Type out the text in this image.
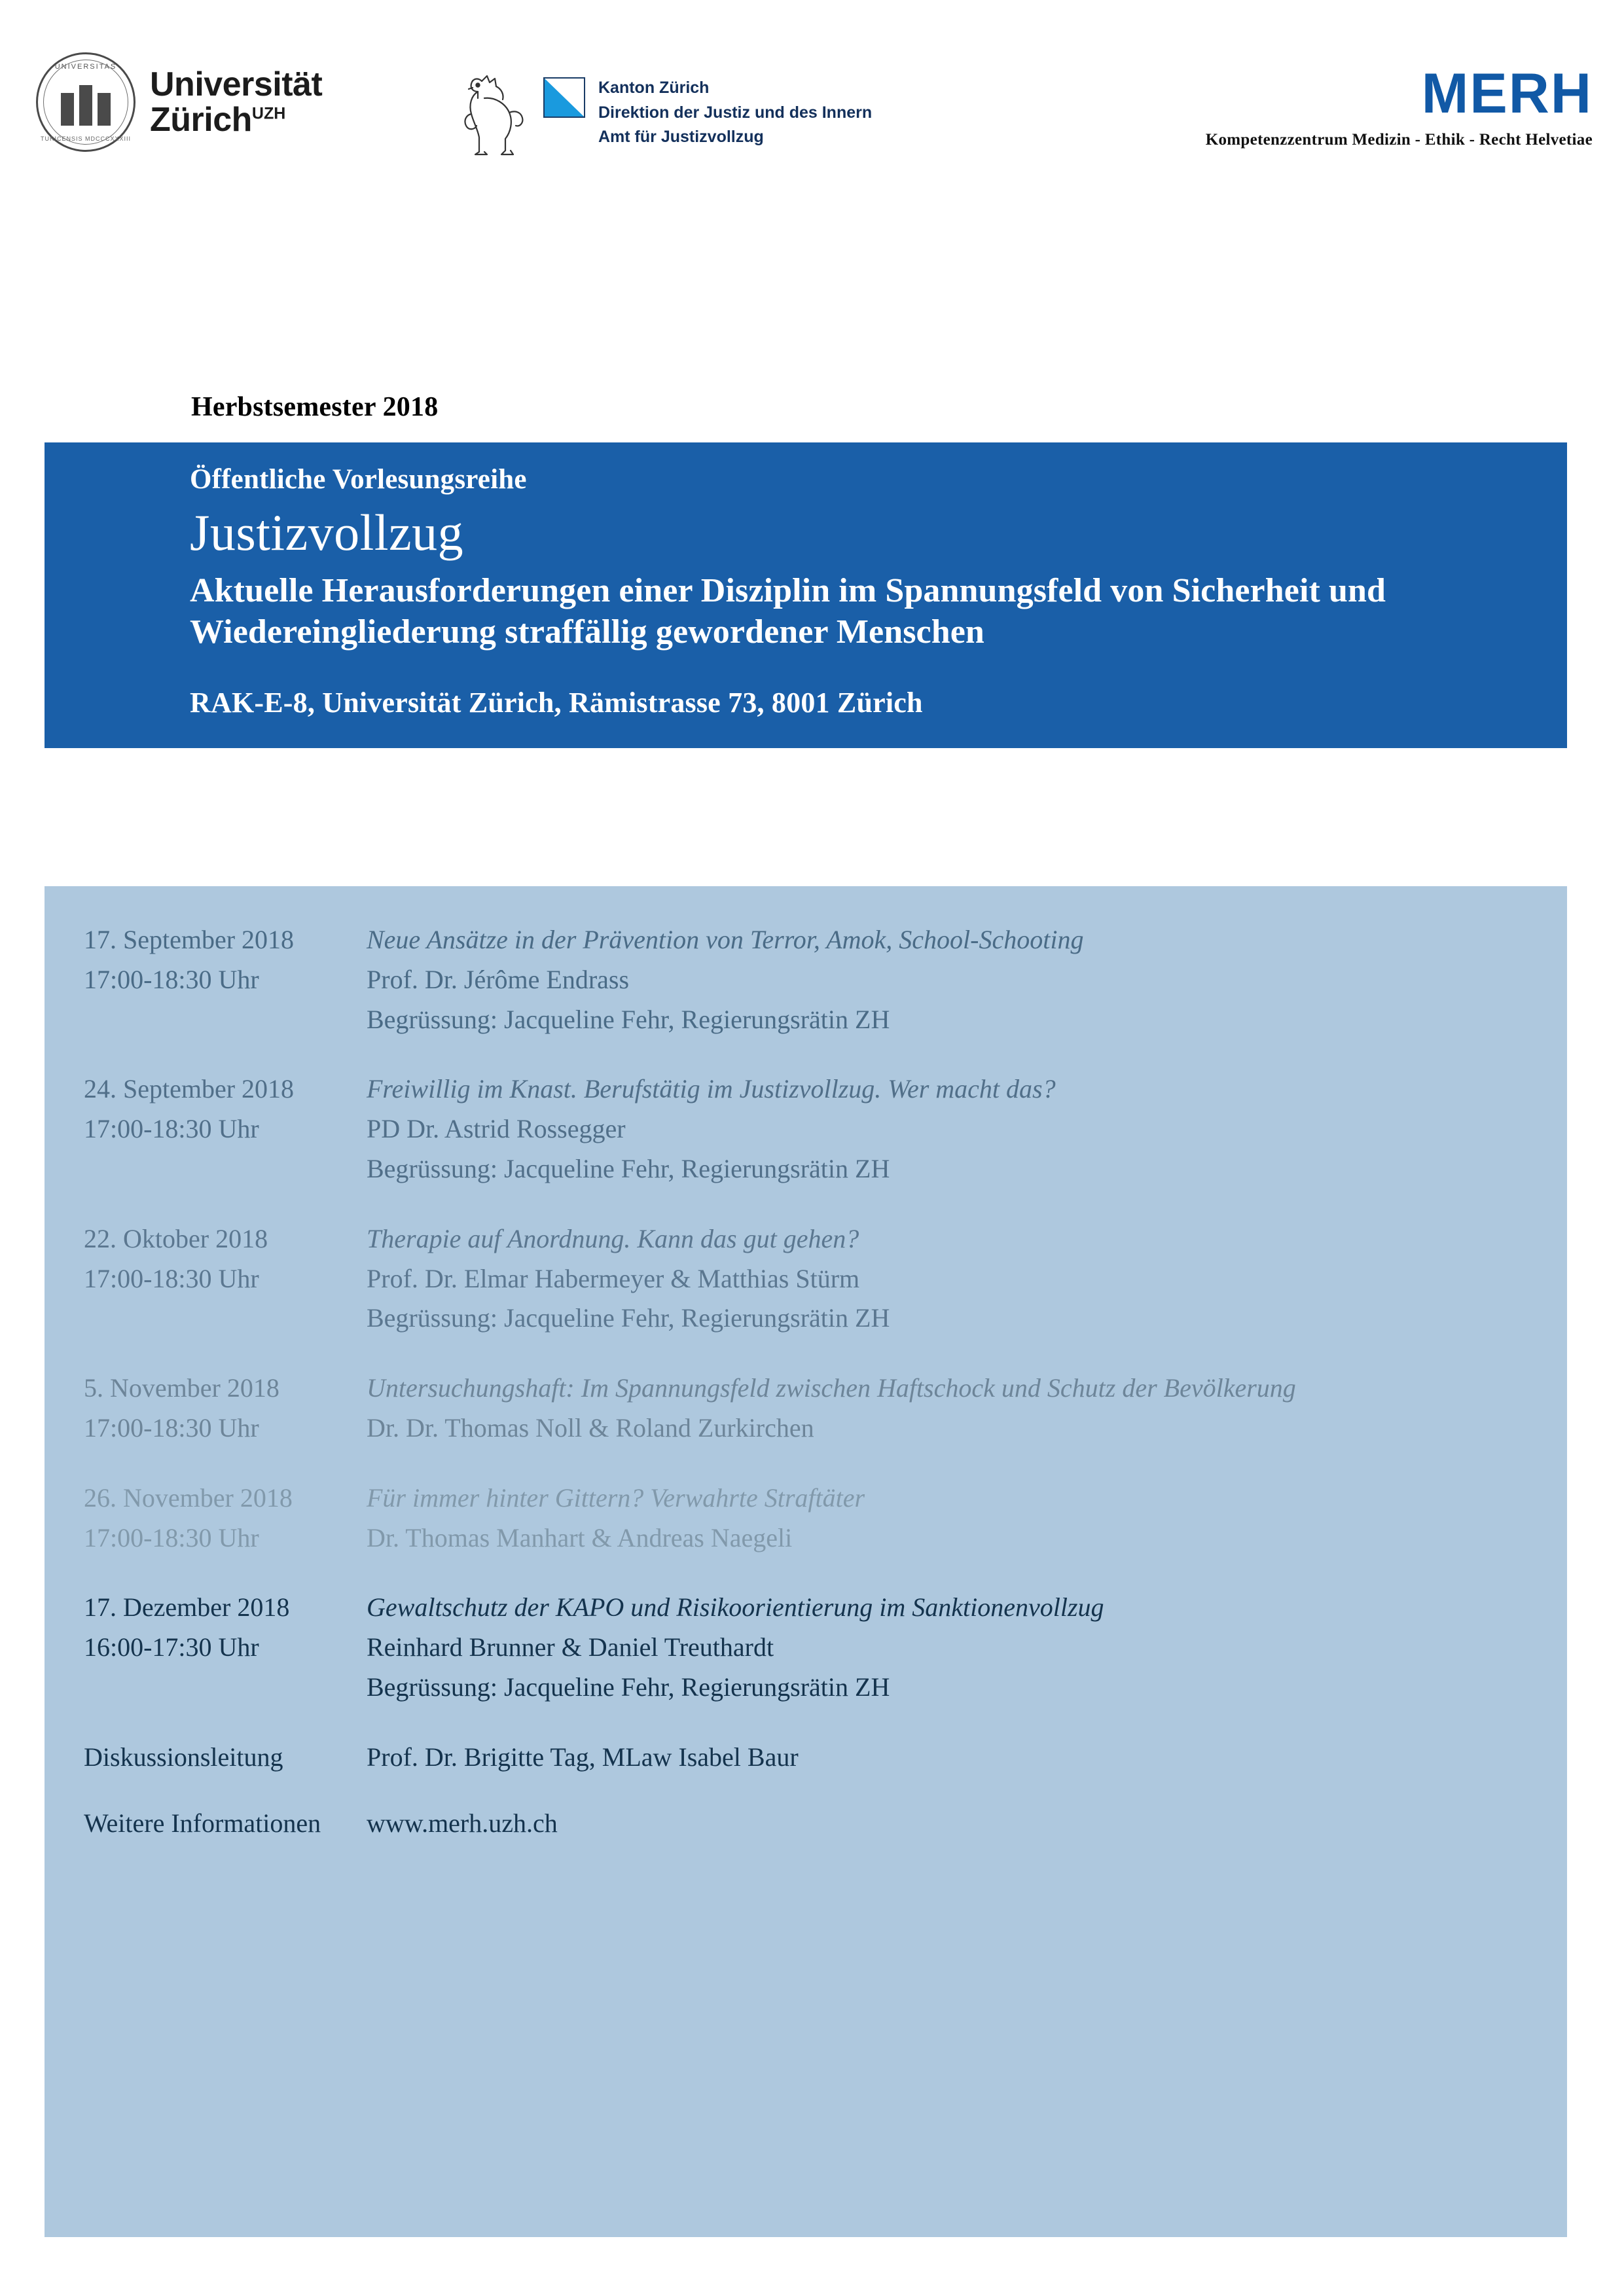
UNIVERSITAS
TURICENSIS MDCCCXXXIII
Universität
Zürich$^{UZH}$
Kanton Zürich
Direktion der Justiz und des Innern
Amt für Justizvollzug
MERH
Kompetenzzentrum Medizin - Ethik - Recht Helvetiae
Herbstsemester 2018
Öffentliche Vorlesungsreihe
Justizvollzug
Aktuelle Herausforderungen einer Disziplin im Spannungsfeld von Sicherheit und Wiedereingliederung straffällig gewordener Menschen
RAK-E-8, Universität Zürich, Rämistrasse 73, 8001 Zürich
17. September 2018
17:00-18:30 Uhr
Neue Ansätze in der Prävention von Terror, Amok, School-Schooting
Prof. Dr. Jérôme Endrass
Begrüssung: Jacqueline Fehr, Regierungsrätin ZH
24. September 2018
17:00-18:30 Uhr
Freiwillig im Knast. Berufstätig im Justizvollzug. Wer macht das?
PD Dr. Astrid Rossegger
Begrüssung: Jacqueline Fehr, Regierungsrätin ZH
22. Oktober 2018
17:00-18:30 Uhr
Therapie auf Anordnung. Kann das gut gehen?
Prof. Dr. Elmar Habermeyer & Matthias Stürm
Begrüssung: Jacqueline Fehr, Regierungsrätin ZH
5. November 2018
17:00-18:30 Uhr
Untersuchungshaft: Im Spannungsfeld zwischen Haftschock und Schutz der Bevölkerung
Dr. Dr. Thomas Noll & Roland Zurkirchen
26. November 2018
17:00-18:30 Uhr
Für immer hinter Gittern? Verwahrte Straftäter
Dr. Thomas Manhart & Andreas Naegeli
17. Dezember 2018
16:00-17:30 Uhr
Gewaltschutz der KAPO und Risikoorientierung im Sanktionenvollzug
Reinhard Brunner & Daniel Treuthardt
Begrüssung: Jacqueline Fehr, Regierungsrätin ZH
Diskussionsleitung	Prof. Dr. Brigitte Tag, MLaw Isabel Baur
Weitere Informationen	www.merh.uzh.ch
